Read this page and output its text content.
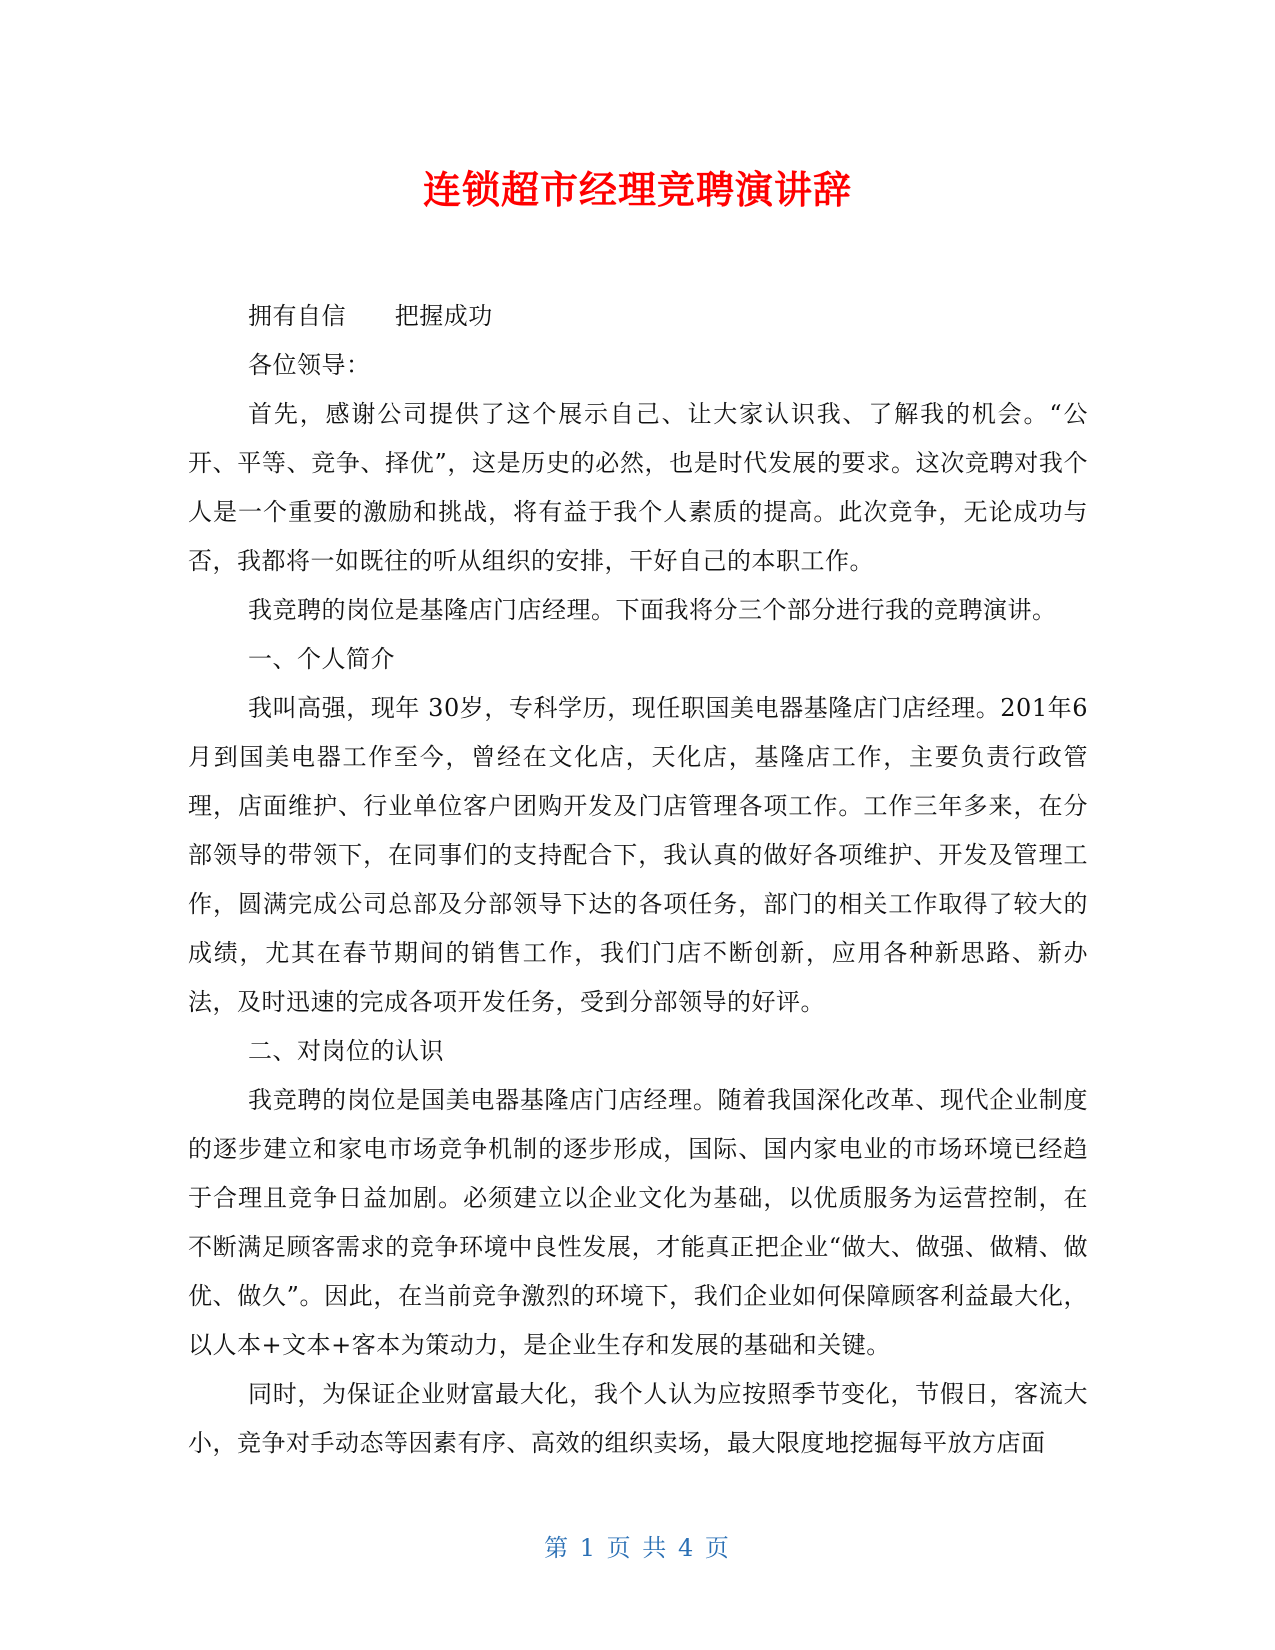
连锁超市经理竞聘演讲辞

拥有自信 把握成功

各位领导：

首先，感谢公司提供了这个展示自己、让大家认识我、了解我的机会。“公开、平等、竞争、择优”，这是历史的必然，也是时代发展的要求。这次竞聘对我个人是一个重要的激励和挑战，将有益于我个人素质的提高。此次竞争，无论成功与否，我都将一如既往的听从组织的安排，干好自己的本职工作。

我竞聘的岗位是基隆店门店经理。下面我将分三个部分进行我的竞聘演讲。

一、个人简介

我叫高强，现年 30岁，专科学历，现任职国美电器基隆店门店经理。201年6月到国美电器工作至今，曾经在文化店，天化店，基隆店工作，主要负责行政管理，店面维护、行业单位客户团购开发及门店管理各项工作。工作三年多来，在分部领导的带领下，在同事们的支持配合下，我认真的做好各项维护、开发及管理工作，圆满完成公司总部及分部领导下达的各项任务，部门的相关工作取得了较大的成绩，尤其在春节期间的销售工作，我们门店不断创新，应用各种新思路、新办法，及时迅速的完成各项开发任务，受到分部领导的好评。

二、对岗位的认识

我竞聘的岗位是国美电器基隆店门店经理。随着我国深化改革、现代企业制度的逐步建立和家电市场竞争机制的逐步形成，国际、国内家电业的市场环境已经趋于合理且竞争日益加剧。必须建立以企业文化为基础，以优质服务为运营控制，在不断满足顾客需求的竞争环境中良性发展，才能真正把企业“做大、做强、做精、做优、做久”。因此，在当前竞争激烈的环境下，我们企业如何保障顾客利益最大化，以人本+文本+客本为策动力，是企业生存和发展的基础和关键。

同时，为保证企业财富最大化，我个人认为应按照季节变化，节假日，客流大小，竞争对手动态等因素有序、高效的组织卖场，最大限度地挖掘每平放方店面

第 1 页 共 4 页
